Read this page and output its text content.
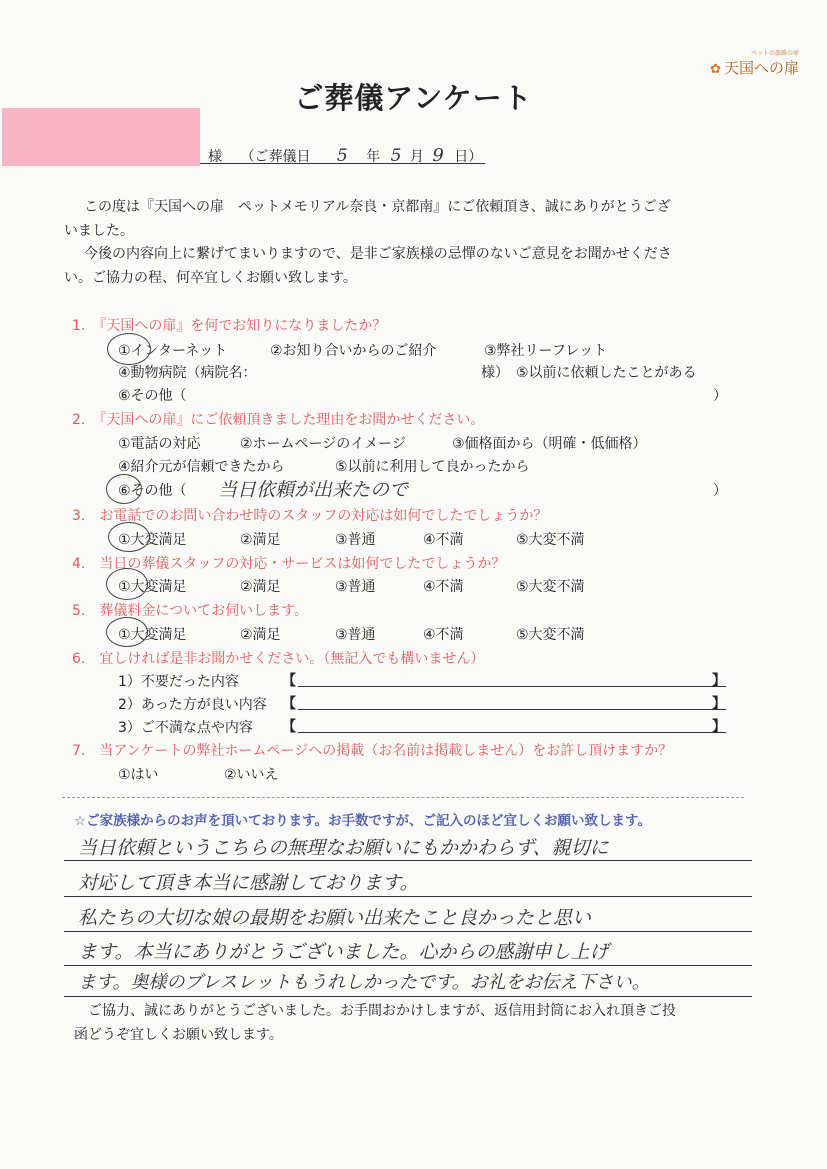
ペットの旅路の扉
✿ 天国への扉
ご葬儀アンケート
様 （ご葬儀日 5 年 5 月 9 日）

この度は『天国への扉　ペットメモリアル奈良・京都南』にご依頼頂き、誠にありがとうござ

いました。

今後の内容向上に繋げてまいりますので、是非ご家族様の忌憚のないご意見をお聞かせくださ

い。ご協力の程、何卒宜しくお願い致します。

1.　『天国への扉』を何でお知りになりましたか？
①インターネット	②お知り合いからのご紹介	③弊社リーフレット
④動物病院（病院名：	様） ⑤以前に依頼したことがある
⑥その他（	）
2.　『天国への扉』にご依頼頂きました理由をお聞かせください。
①電話の対応	②ホームページのイメージ	③価格面から（明確・低価格）
④紹介元が信頼できたから	⑤以前に利用して良かったから
⑥その他（ 当日依頼が出来たので	）
3.　お電話でのお問い合わせ時のスタッフの対応は如何でしたでしょうか？
①大変満足	②満足	③普通	④不満	⑤大変不満
4.　当日の葬儀スタッフの対応・サービスは如何でしたでしょうか？
①大変満足	②満足	③普通	④不満	⑤大変不満
5.　葬儀料金についてお伺いします。
①大変満足	②満足	③普通	④不満	⑤大変不満
6.　宜しければ是非お聞かせください。（無記入でも構いません）
1）不要だった内容	【	】
2）あった方が良い内容 【	】
3）ご不満な点や内容 【	】
7.　当アンケートの弊社ホームページへの掲載（お名前は掲載しません）をお許し頂けますか？
①はい	②いいえ
☆ご家族様からのお声を頂いております。お手数ですが、ご記入のほど宜しくお願い致します。
当日依頼というこちらの無理なお願いにもかかわらず、親切に
対応して頂き本当に感謝しております。
私たちの大切な娘の最期をお願い出来たこと良かったと思い
ます。本当にありがとうございました。心からの感謝申し上げ
ます。奥様のブレスレットもうれしかったです。お礼をお伝え下さい。

ご協力、誠にありがとうございました。お手間おかけしますが、返信用封筒にお入れ頂きご投

函どうぞ宜しくお願い致します。
